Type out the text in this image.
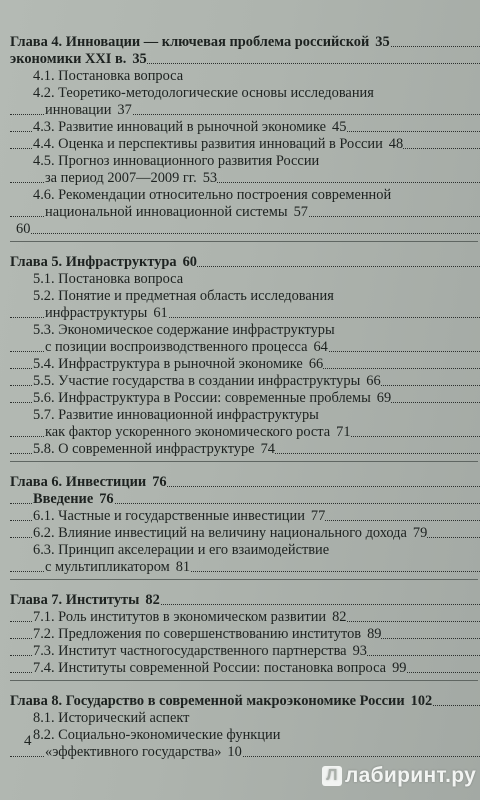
Глава 4. Инновации — ключевая проблема российской 35
экономики XXI в. 35
4.1. Постановка вопроса
4.2. Теоретико-методологические основы исследования
инновации 37
4.3. Развитие инноваций в рыночной экономике 45
4.4. Оценка и перспективы развития инноваций в России 48
4.5. Прогноз инновационного развития России
за период 2007—2009 гг. 53
4.6. Рекомендации относительно построения современной
национальной инновационной системы 57
60
Глава 5. Инфраструктура 60
5.1. Постановка вопроса
5.2. Понятие и предметная область исследования
инфраструктуры 61
5.3. Экономическое содержание инфраструктуры
с позиции воспроизводственного процесса 64
5.4. Инфраструктура в рыночной экономике 66
5.5. Участие государства в создании инфраструктуры 66
5.6. Инфраструктура в России: современные проблемы 69
5.7. Развитие инновационной инфраструктуры
как фактор ускоренного экономического роста 71
5.8. О современной инфраструктуре 74
Глава 6. Инвестиции 76
Введение 76
6.1. Частные и государственные инвестиции 77
6.2. Влияние инвестиций на величину национального дохода 79
6.3. Принцип акселерации и его взаимодействие
с мультипликатором 81
Глава 7. Институты 82
7.1. Роль институтов в экономическом развитии 82
7.2. Предложения по совершенствованию институтов 89
7.3. Институт частногосударственного партнерства 93
7.4. Институты современной России: постановка вопроса 99
Глава 8. Государство в современной макроэкономике России 102
8.1. Исторический аспект
8.2. Социально-экономические функции
«эффективного государства» 10
4
Л лабиринт.ру
